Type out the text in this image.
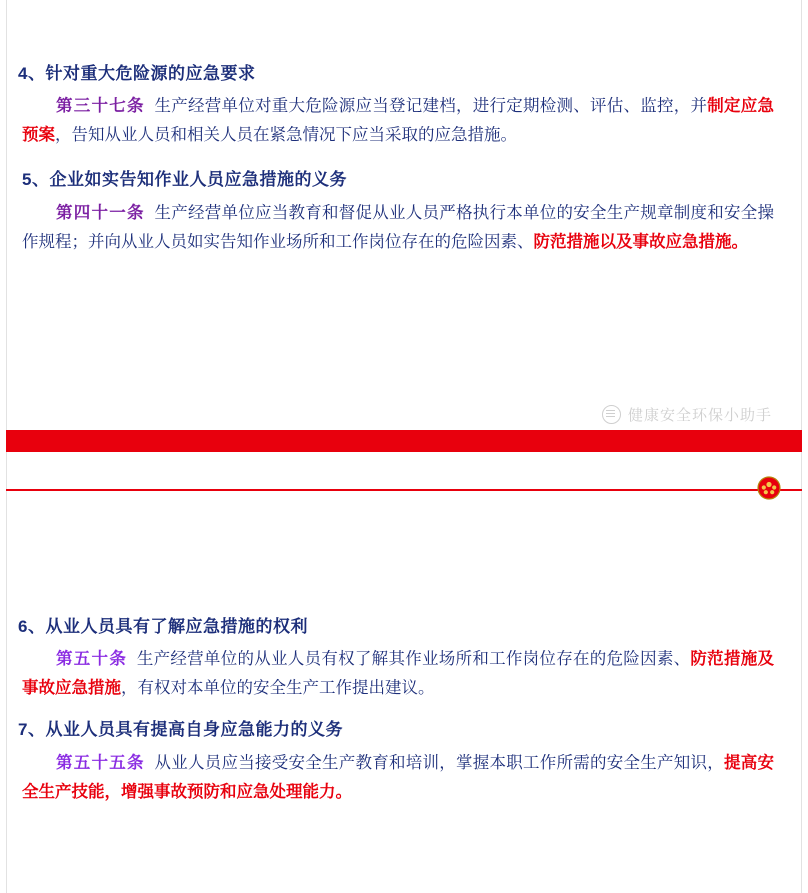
4、针对重大危险源的应急要求
第三十七条 生产经营单位对重大危险源应当登记建档，进行定期检测、评估、监控，并制定应急预案，告知从业人员和相关人员在紧急情况下应当采取的应急措施。
5、企业如实告知作业人员应急措施的义务
第四十一条 生产经营单位应当教育和督促从业人员严格执行本单位的安全生产规章制度和安全操作规程；并向从业人员如实告知作业场所和工作岗位存在的危险因素、防范措施以及事故应急措施。
健康安全环保小助手
6、从业人员具有了解应急措施的权利
第五十条 生产经营单位的从业人员有权了解其作业场所和工作岗位存在的危险因素、防范措施及事故应急措施，有权对本单位的安全生产工作提出建议。
7、从业人员具有提高自身应急能力的义务
第五十五条 从业人员应当接受安全生产教育和培训，掌握本职工作所需的安全生产知识，提高安全生产技能，增强事故预防和应急处理能力。
